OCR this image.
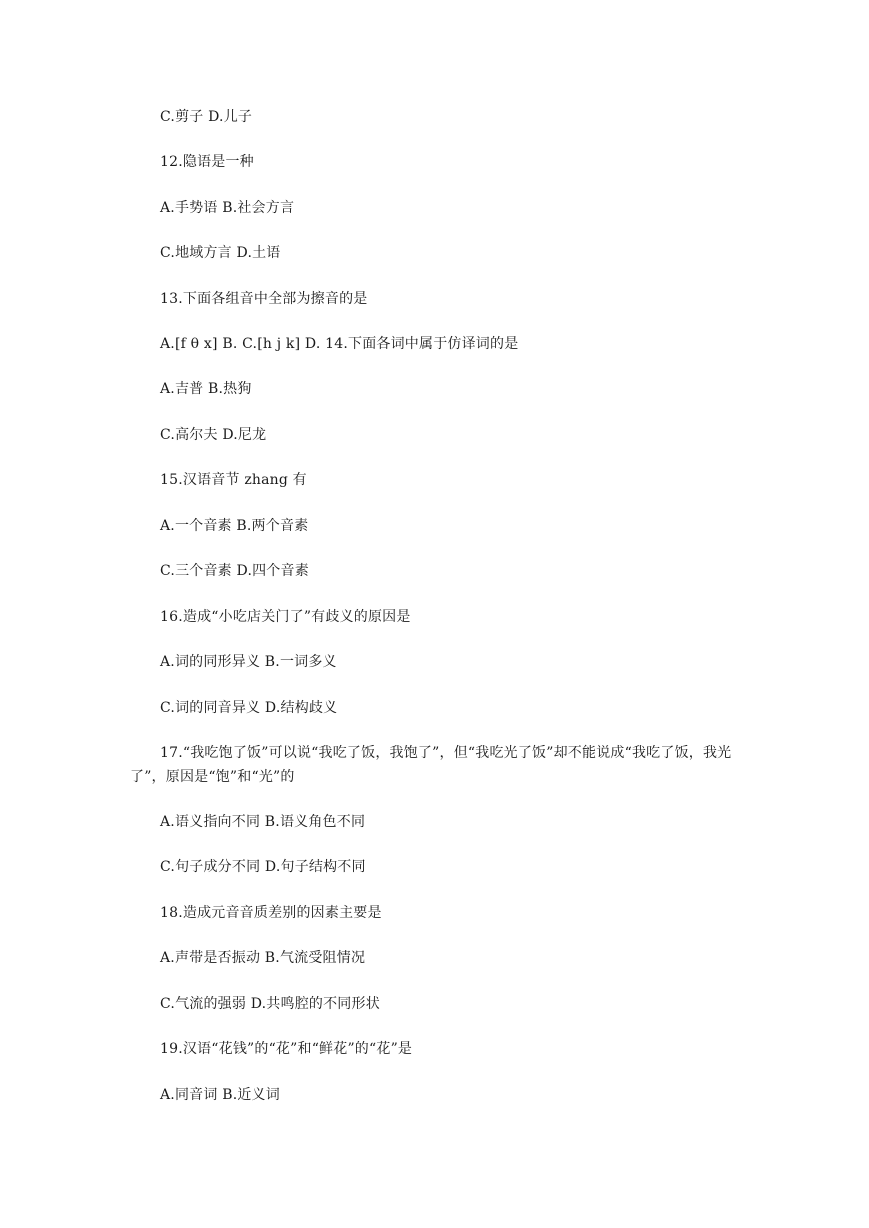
C.剪子 D.儿子
12.隐语是一种
A.手势语 B.社会方言
C.地域方言 D.土语
13.下面各组音中全部为擦音的是
A.[f θ x] B. C.[h j k] D. 14.下面各词中属于仿译词的是
A.吉普 B.热狗
C.高尔夫 D.尼龙
15.汉语音节 zhang 有
A.一个音素 B.两个音素
C.三个音素 D.四个音素
16.造成“小吃店关门了”有歧义的原因是
A.词的同形异义 B.一词多义
C.词的同音异义 D.结构歧义
17.“我吃饱了饭”可以说“我吃了饭，我饱了”，但“我吃光了饭”却不能说成“我吃了饭，我光了”，原因是“饱”和“光”的
A.语义指向不同 B.语义角色不同
C.句子成分不同 D.句子结构不同
18.造成元音音质差别的因素主要是
A.声带是否振动 B.气流受阻情况
C.气流的强弱 D.共鸣腔的不同形状
19.汉语“花钱”的“花”和“鲜花”的“花”是
A.同音词 B.近义词
